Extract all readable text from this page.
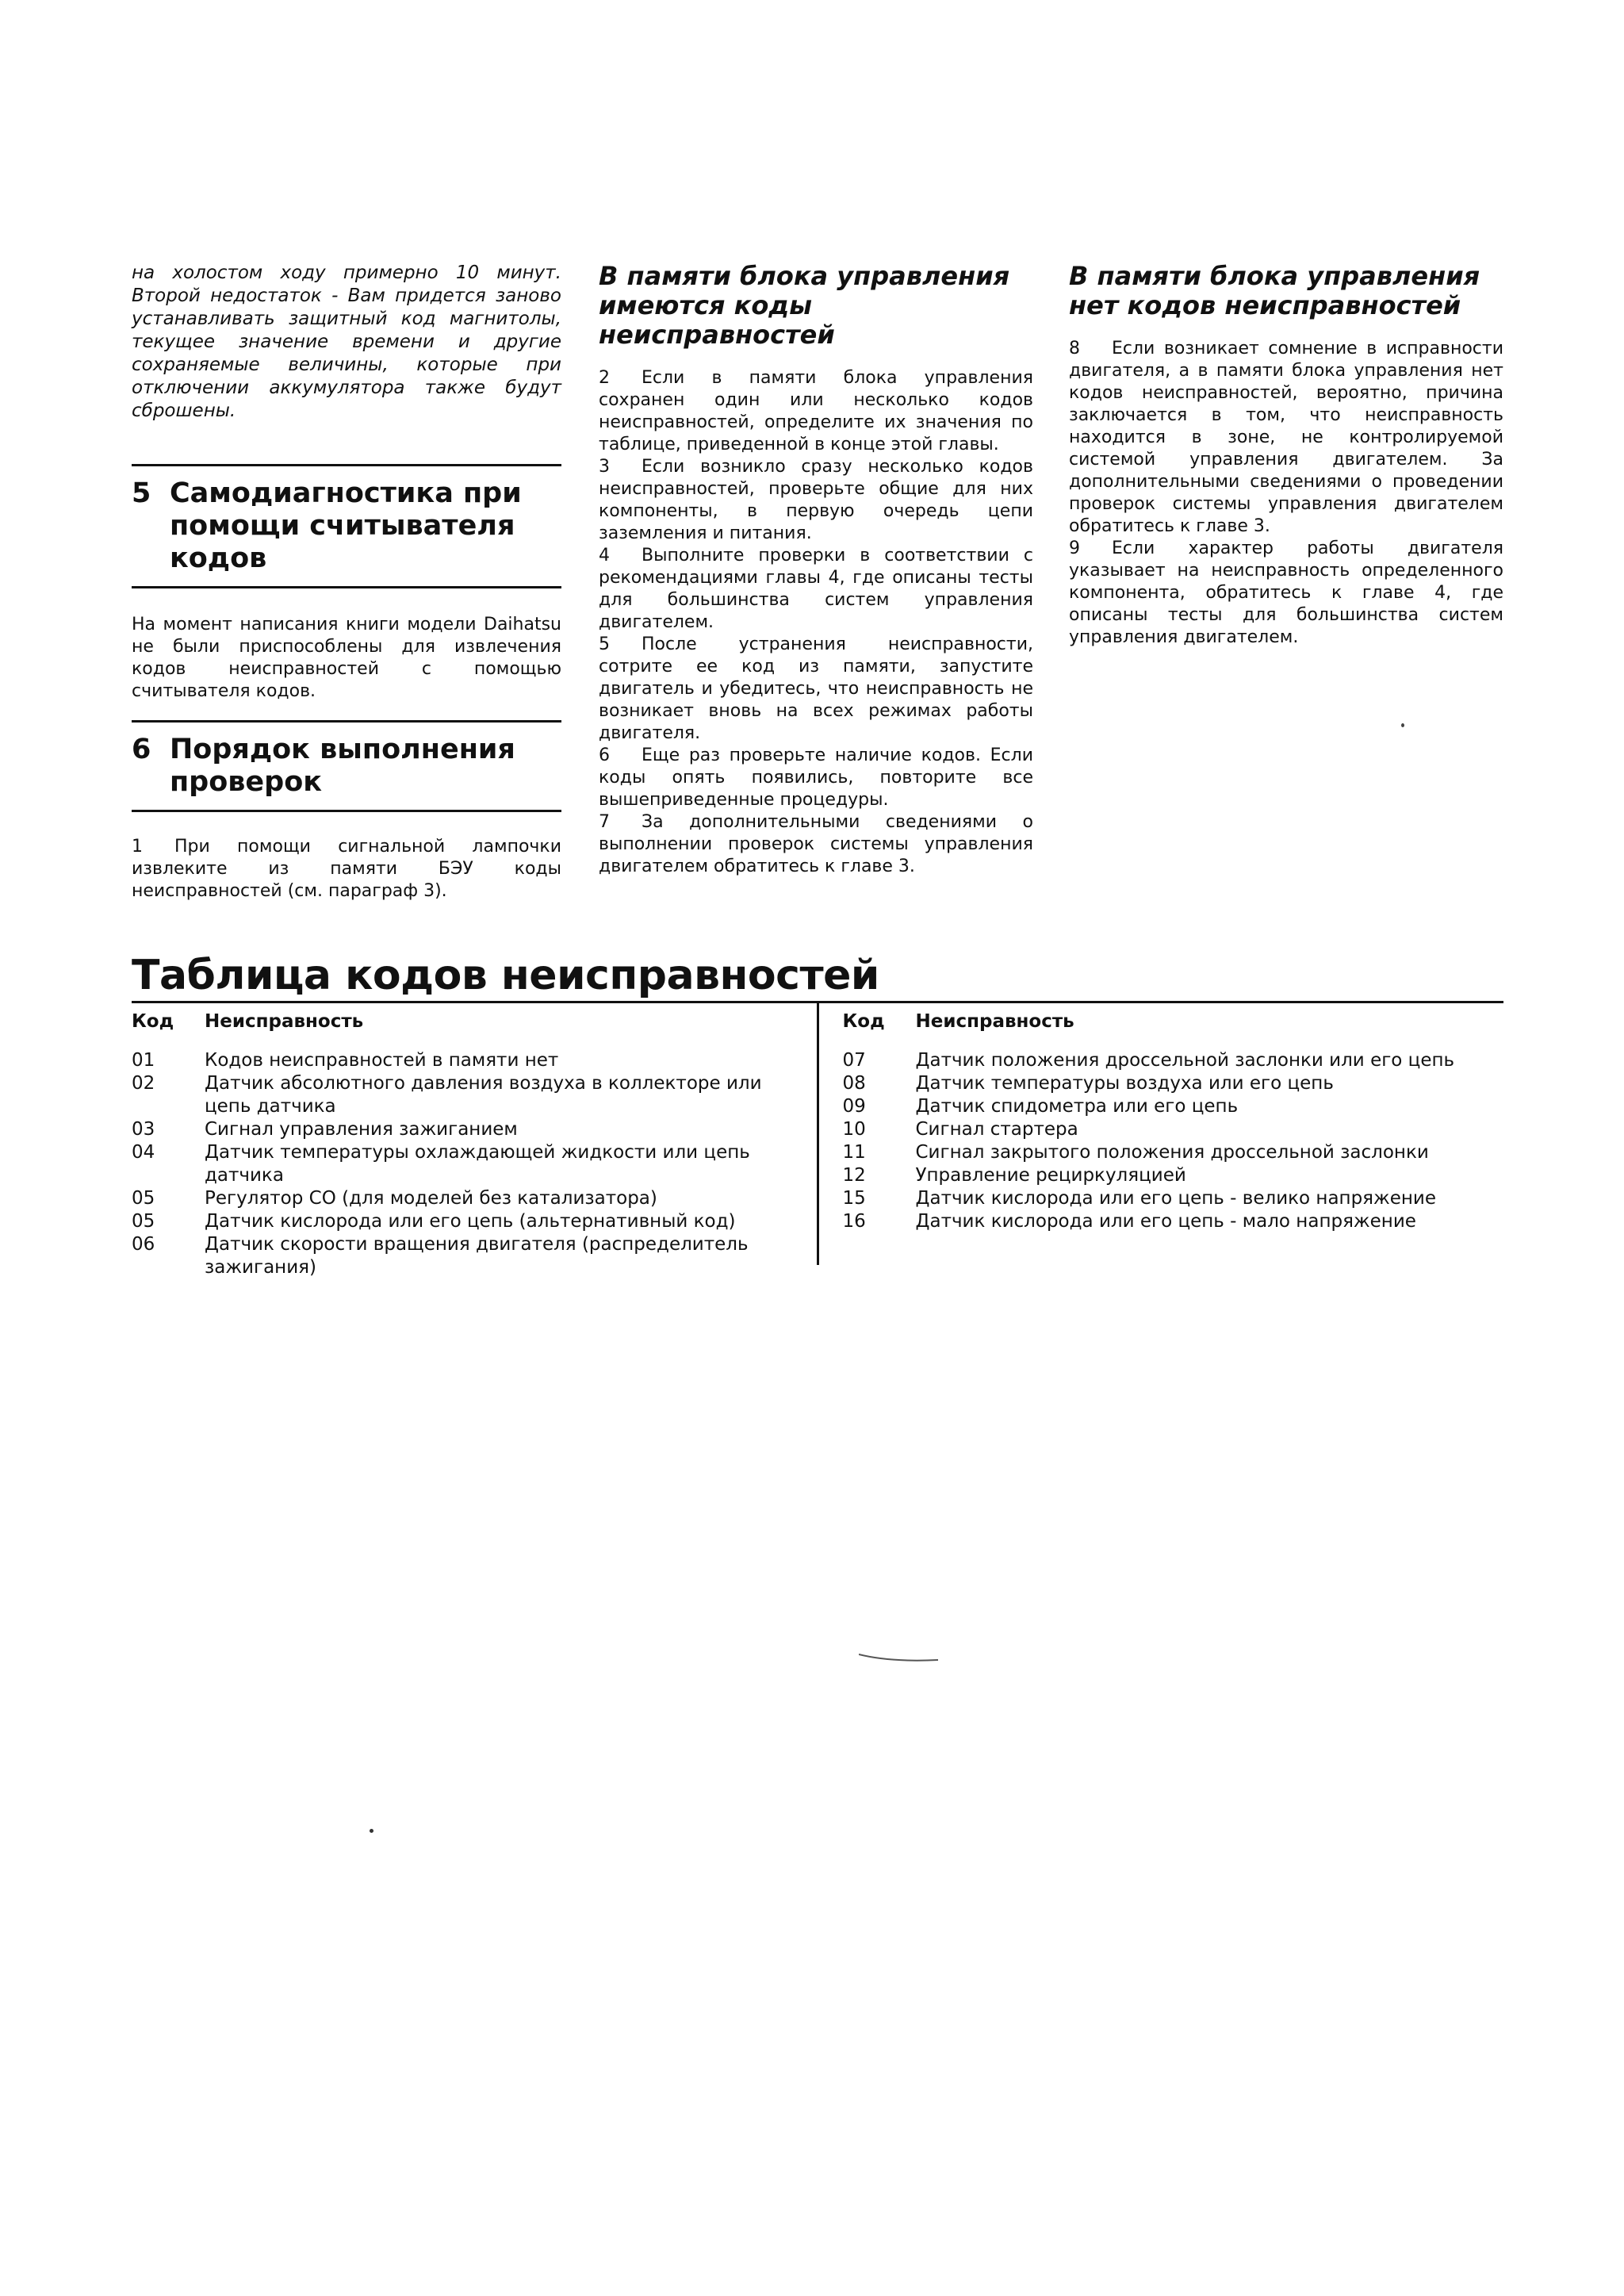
на холостом ходу примерно 10 минут. Второй недостаток - Вам придется заново устанавливать защитный код магнитолы, текущее значение времени и другие сохраняемые величины, которые при отключении аккумулятора также будут сброшены.

5 Самодиагностика при помощи считывателя кодов

На момент написания книги модели Daihatsu не были приспособлены для извлечения кодов неисправностей с помощью считывателя кодов.

6 Порядок выполнения проверок

1 При помощи сигнальной лампочки извлеките из памяти БЭУ коды неисправностей (см. параграф 3).

В памяти блока управления имеются коды неисправностей

2 Если в памяти блока управления сохранен один или несколько кодов неисправностей, определите их значения по таблице, приведенной в конце этой главы.

3 Если возникло сразу несколько кодов неисправностей, проверьте общие для них компоненты, в первую очередь цепи заземления и питания.

4 Выполните проверки в соответствии с рекомендациями главы 4, где описаны тесты для большинства систем управления двигателем.

5 После устранения неисправности, сотрите ее код из памяти, запустите двигатель и убедитесь, что неисправность не возникает вновь на всех режимах работы двигателя.

6 Еще раз проверьте наличие кодов. Если коды опять появились, повторите все вышеприведенные процедуры.

7 За дополнительными сведениями о выполнении проверок системы управления двигателем обратитесь к главе 3.

В памяти блока управления нет кодов неисправностей

8 Если возникает сомнение в исправности двигателя, а в памяти блока управления нет кодов неисправностей, вероятно, причина заключается в том, что неисправность находится в зоне, не контролируемой системой управления двигателем. За дополнительными сведениями о проведении проверок системы управления двигателем обратитесь к главе 3.

9 Если характер работы двигателя указывает на неисправность определенного компонента, обратитесь к главе 4, где описаны тесты для большинства систем управления двигателем.

Таблица кодов неисправностей
Код	Неисправность
01	Кодов неисправностей в памяти нет
02	Датчик абсолютного давления воздуха в коллекторе или цепь датчика
03	Сигнал управления зажиганием
04	Датчик температуры охлаждающей жидкости или цепь датчика
05	Регулятор CO (для моделей без катализатора)
05	Датчик кислорода или его цепь (альтернативный код)
06	Датчик скорости вращения двигателя (распределитель зажигания)
Код	Неисправность
07	Датчик положения дроссельной заслонки или его цепь
08	Датчик температуры воздуха или его цепь
09	Датчик спидометра или его цепь
10	Сигнал стартера
11	Сигнал закрытого положения дроссельной заслонки
12	Управление рециркуляцией
15	Датчик кислорода или его цепь - велико напряжение
16	Датчик кислорода или его цепь - мало напряжение
